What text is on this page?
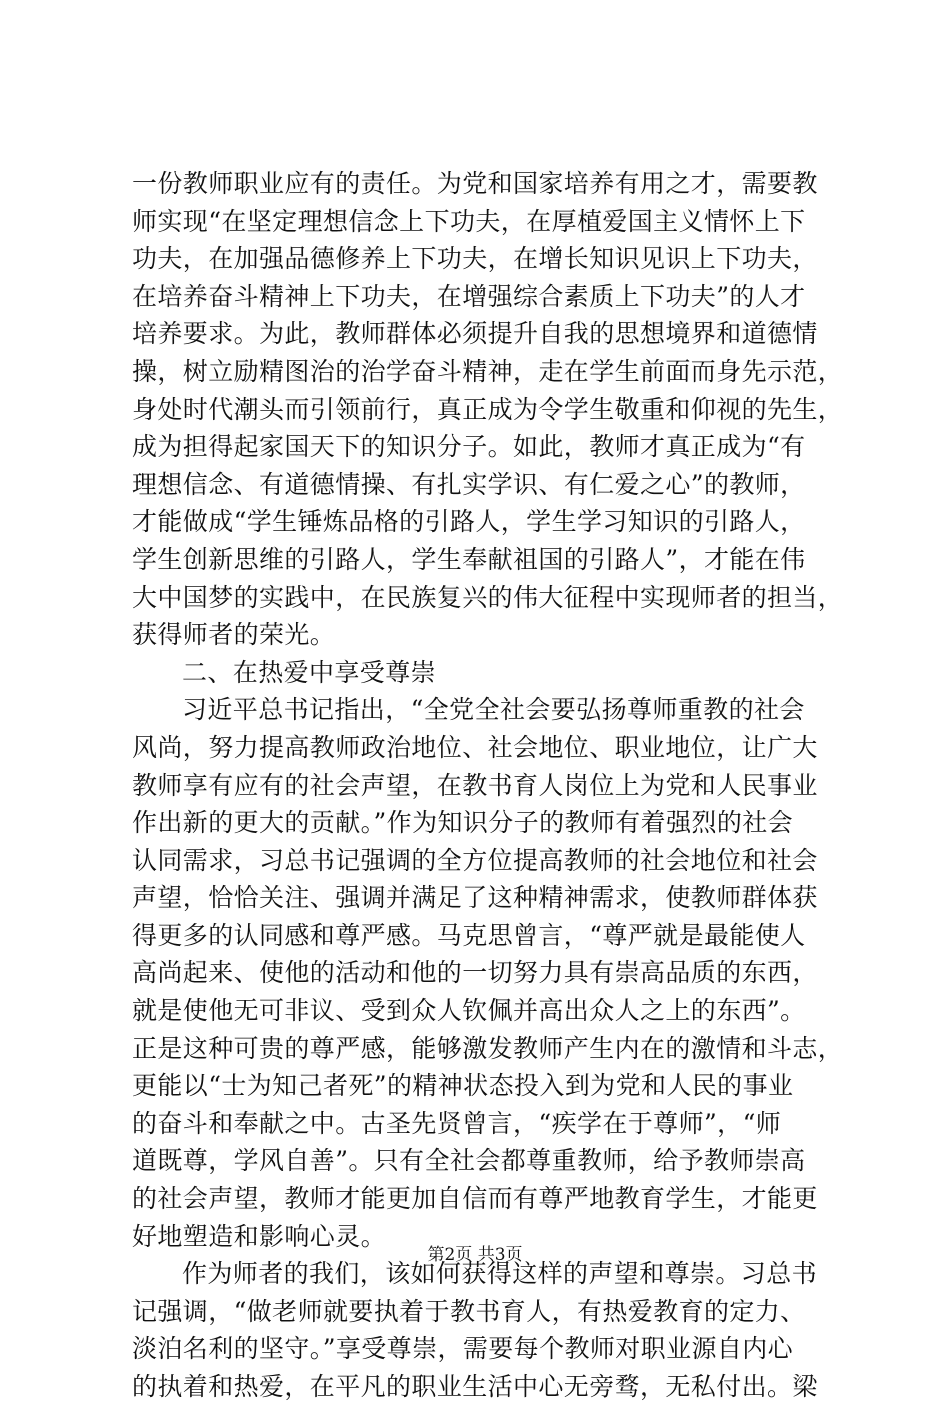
一份教师职业应有的责任。为党和国家培养有用之才，需要教
师实现“在坚定理想信念上下功夫，在厚植爱国主义情怀上下
功夫，在加强品德修养上下功夫，在增长知识见识上下功夫，
在培养奋斗精神上下功夫，在增强综合素质上下功夫”的人才
培养要求。为此，教师群体必须提升自我的思想境界和道德情
操，树立励精图治的治学奋斗精神，走在学生前面而身先示范，
身处时代潮头而引领前行，真正成为令学生敬重和仰视的先生，
成为担得起家国天下的知识分子。如此，教师才真正成为“有
理想信念、有道德情操、有扎实学识、有仁爱之心”的教师，
才能做成“学生锤炼品格的引路人，学生学习知识的引路人，
学生创新思维的引路人，学生奉献祖国的引路人”，才能在伟
大中国梦的实践中，在民族复兴的伟大征程中实现师者的担当，
获得师者的荣光。
二、在热爱中享受尊崇
习近平总书记指出，“全党全社会要弘扬尊师重教的社会
风尚，努力提高教师政治地位、社会地位、职业地位，让广大
教师享有应有的社会声望，在教书育人岗位上为党和人民事业
作出新的更大的贡献。”作为知识分子的教师有着强烈的社会
认同需求，习总书记强调的全方位提高教师的社会地位和社会
声望，恰恰关注、强调并满足了这种精神需求，使教师群体获
得更多的认同感和尊严感。马克思曾言，“尊严就是最能使人
高尚起来、使他的活动和他的一切努力具有崇高品质的东西，
就是使他无可非议、受到众人钦佩并高出众人之上的东西”。
正是这种可贵的尊严感，能够激发教师产生内在的激情和斗志，
更能以“士为知己者死”的精神状态投入到为党和人民的事业
的奋斗和奉献之中。古圣先贤曾言，“疾学在于尊师”，“师
道既尊，学风自善”。只有全社会都尊重教师，给予教师崇高
的社会声望，教师才能更加自信而有尊严地教育学生，才能更
好地塑造和影响心灵。
作为师者的我们，该如何获得这样的声望和尊崇。习总书
记强调，“做老师就要执着于教书育人，有热爱教育的定力、
淡泊名利的坚守。”享受尊崇，需要每个教师对职业源自内心
的执着和热爱，在平凡的职业生活中心无旁骛，无私付出。梁
第2页 共3页
